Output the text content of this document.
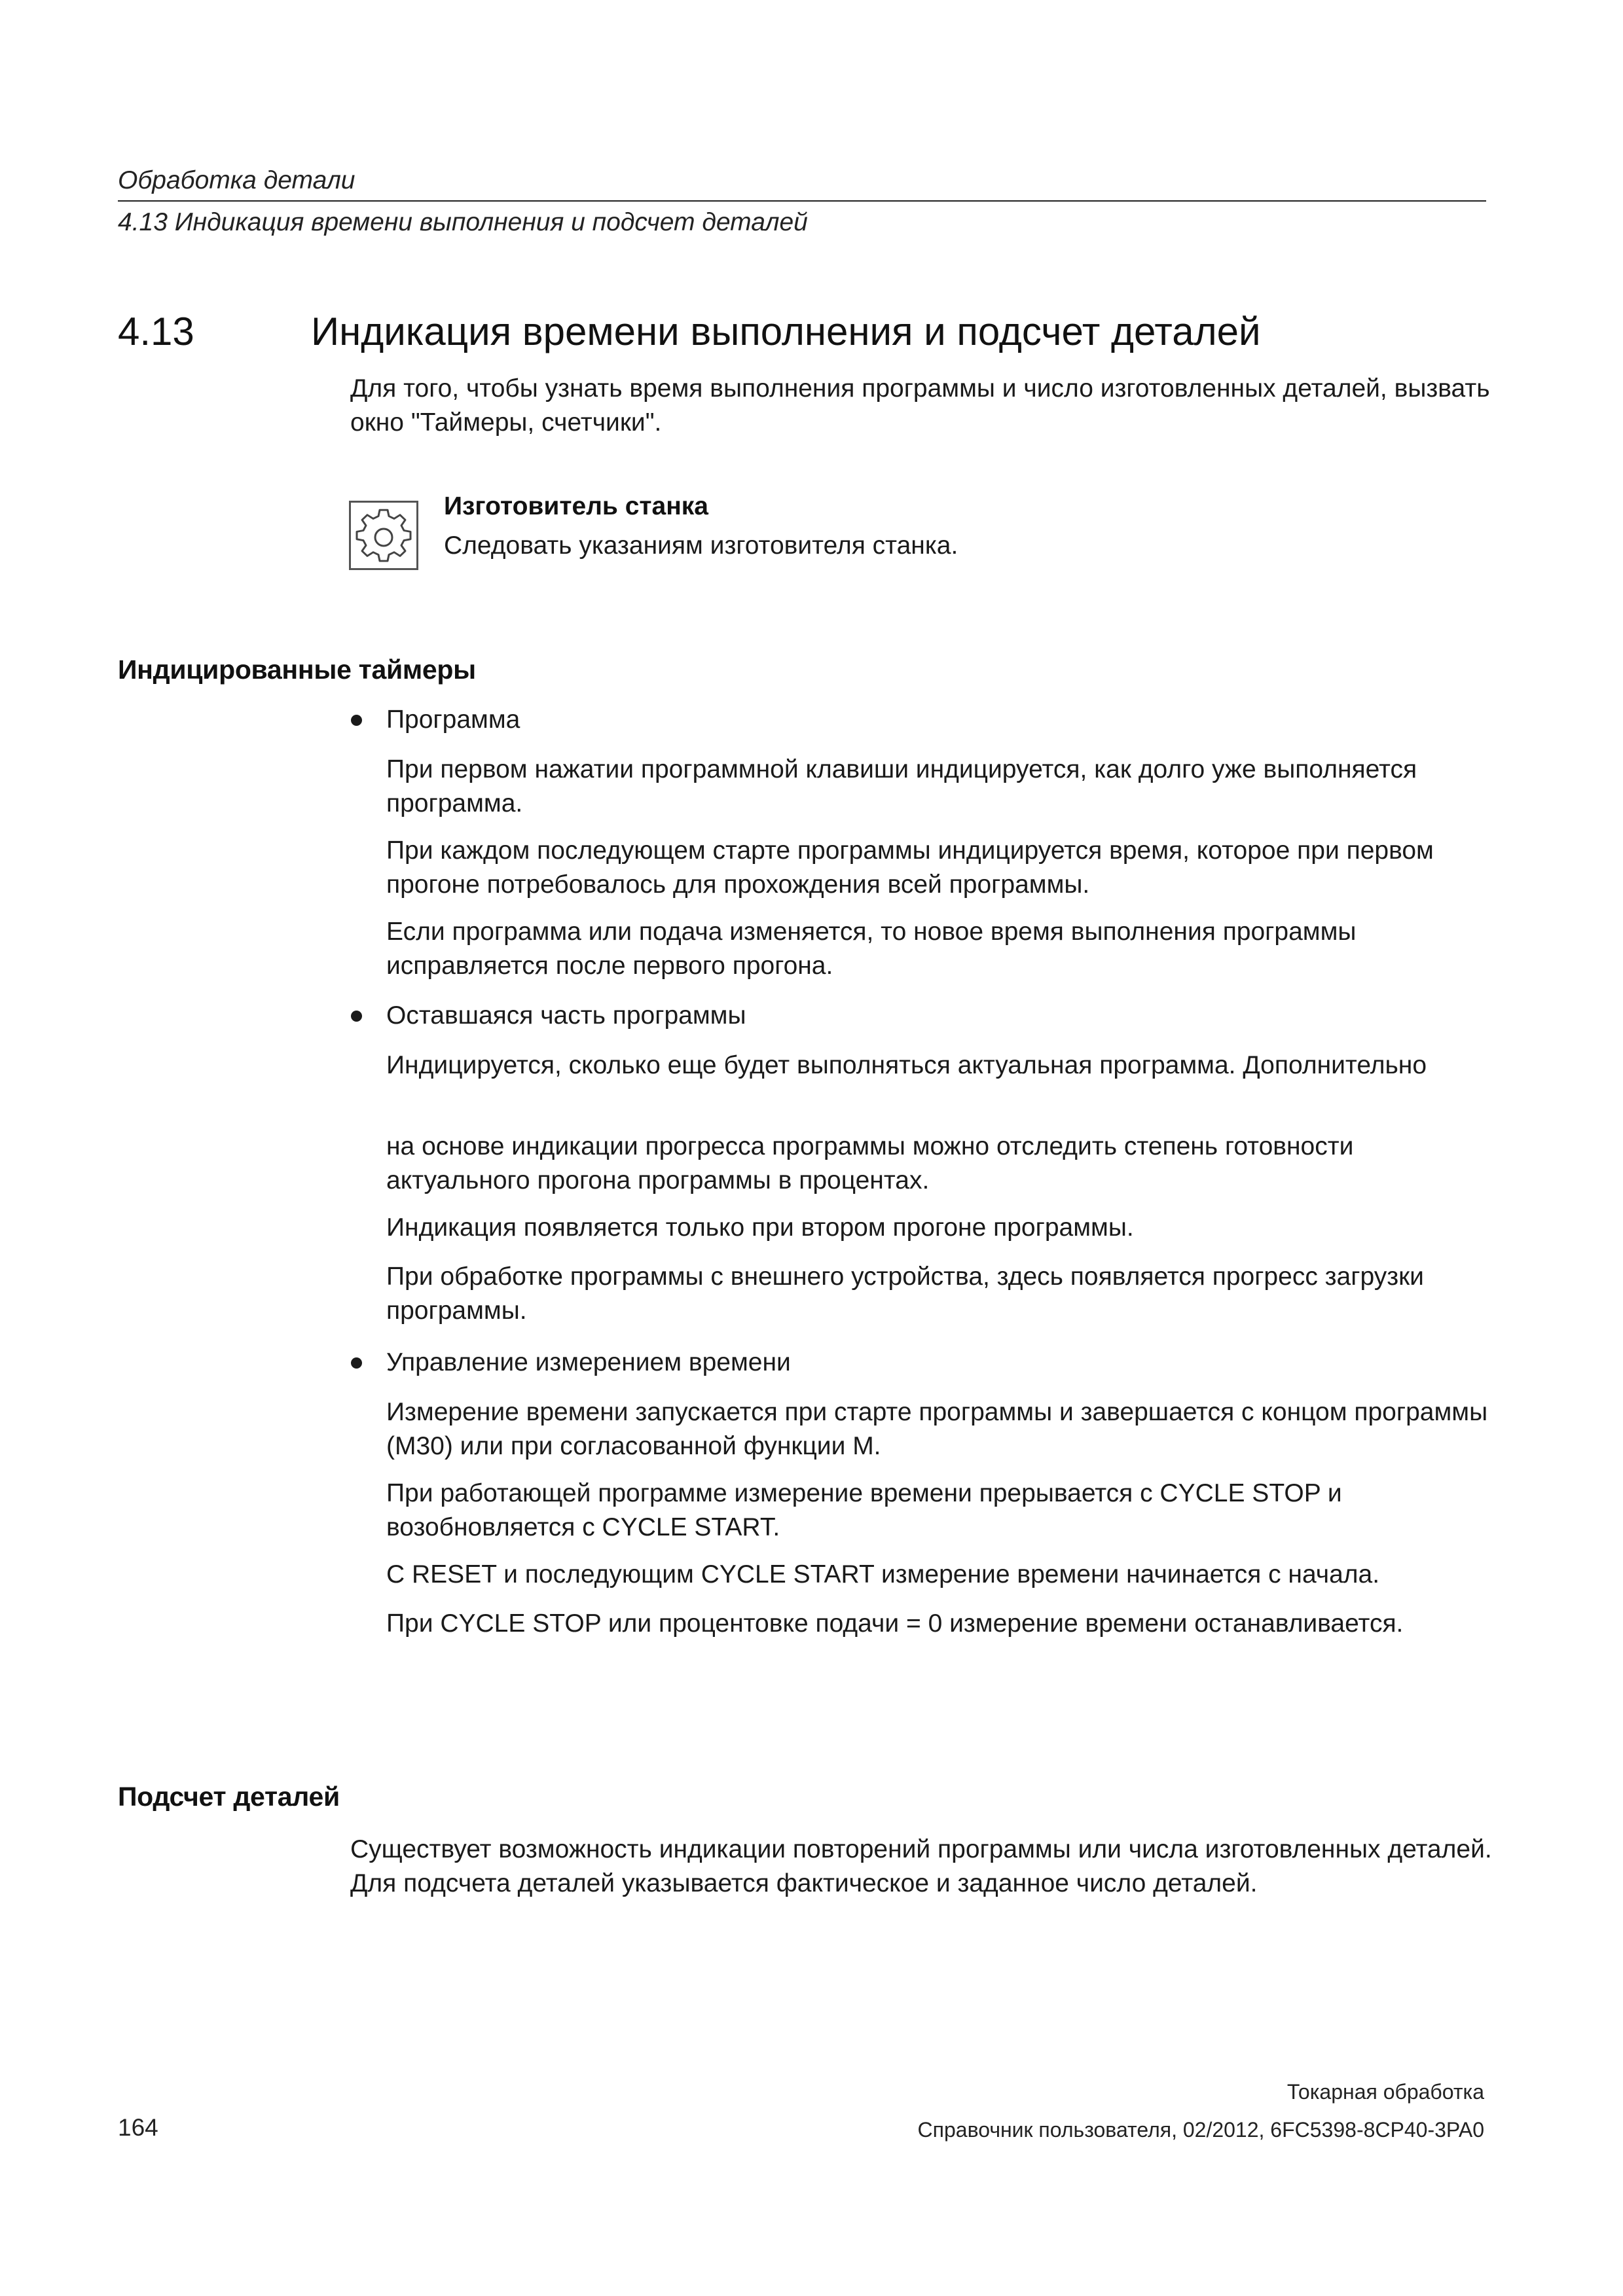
Обработка детали
4.13 Индикация времени выполнения и подсчет деталей
4.13	Индикация времени выполнения и подсчет деталей

Для того, чтобы узнать время выполнения программы и число изготовленных деталей, вызвать окно "Таймеры, счетчики".

Изготовитель станка
Следовать указаниям изготовителя станка.
Индицированные таймеры
Программа

При первом нажатии программной клавиши индицируется, как долго уже выполняется программа.

При каждом последующем старте программы индицируется время, которое при первом прогоне потребовалось для прохождения всей программы.

Если программа или подача изменяется, то новое время выполнения программы исправляется после первого прогона.

Оставшаяся часть программы

Индицируется, сколько еще будет выполняться актуальная программа. Дополнительно

на основе индикации прогресса программы можно отследить степень готовности актуального прогона программы в процентах.

Индикация появляется только при втором прогоне программы.

При обработке программы с внешнего устройства, здесь появляется прогресс загрузки программы.

Управление измерением времени

Измерение времени запускается при старте программы и завершается с концом программы (M30) или при согласованной функции M.

При работающей программе измерение времени прерывается с CYCLE STOP и возобновляется с CYCLE START.

С RESET и последующим CYCLE START измерение времени начинается с начала.

При CYCLE STOP или процентовке подачи = 0 измерение времени останавливается.

Подсчет деталей

Существует возможность индикации повторений программы или числа изготовленных деталей. Для подсчета деталей указывается фактическое и заданное число деталей.

Токарная обработка
164	Справочник пользователя, 02/2012, 6FC5398-8CP40-3PA0
